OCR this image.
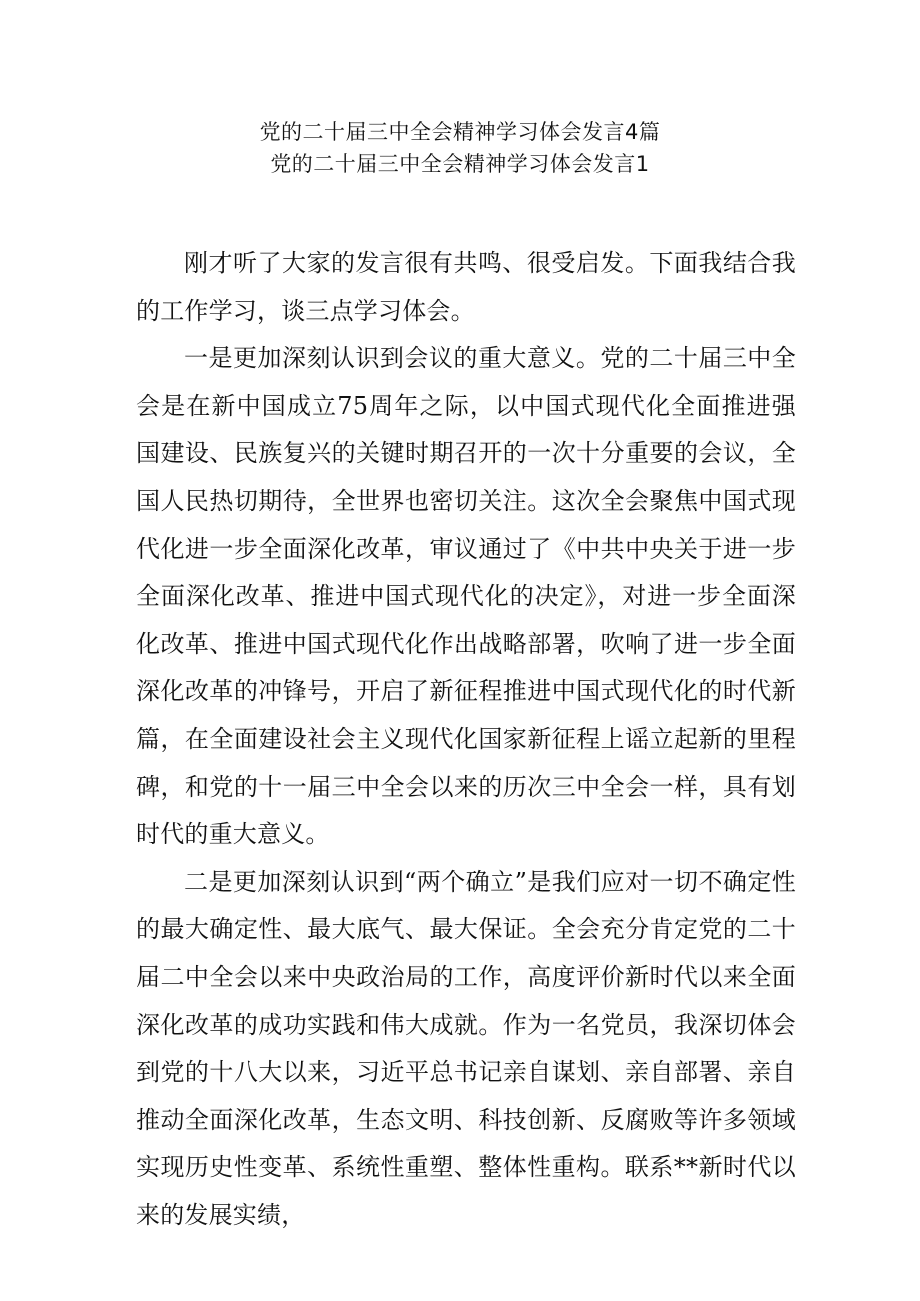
党的二十届三中全会精神学习体会发言4篇
党的二十届三中全会精神学习体会发言1

刚才听了大家的发言很有共鸣、很受启发。下面我结合我的工作学习，谈三点学习体会。

一是更加深刻认识到会议的重大意义。党的二十届三中全会是在新中国成立75周年之际，以中国式现代化全面推进强国建设、民族复兴的关键时期召开的一次十分重要的会议，全国人民热切期待，全世界也密切关注。这次全会聚焦中国式现代化进一步全面深化改革，审议通过了《中共中央关于进一步全面深化改革、推进中国式现代化的决定》，对进一步全面深化改革、推进中国式现代化作出战略部署，吹响了进一步全面深化改革的冲锋号，开启了新征程推进中国式现代化的时代新篇，在全面建设社会主义现代化国家新征程上谣立起新的里程碑，和党的十一届三中全会以来的历次三中全会一样，具有划时代的重大意义。

二是更加深刻认识到“两个确立”是我们应对一切不确定性的最大确定性、最大底气、最大保证。全会充分肯定党的二十届二中全会以来中央政治局的工作，高度评价新时代以来全面深化改革的成功实践和伟大成就。作为一名党员，我深切体会到党的十八大以来，习近平总书记亲自谋划、亲自部署、亲自推动全面深化改革，生态文明、科技创新、反腐败等许多领域实现历史性变革、系统性重塑、整体性重构。联系**新时代以来的发展实绩，
